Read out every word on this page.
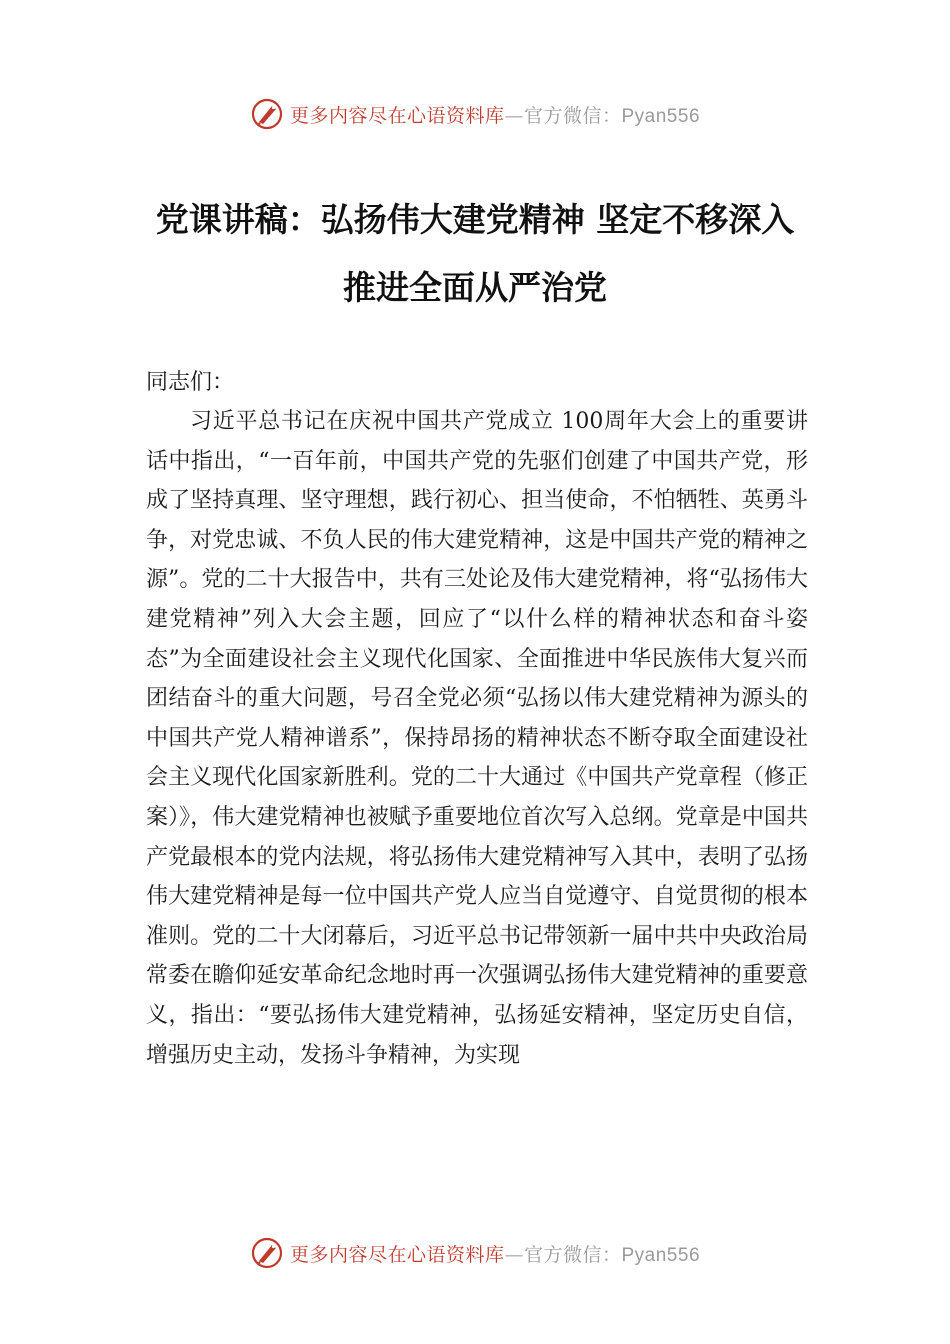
更多内容尽在心语资料库—官方微信：Pyan556
党课讲稿：弘扬伟大建党精神 坚定不移深入推进全面从严治党
同志们：

习近平总书记在庆祝中国共产党成立 100周年大会上的重要讲话中指出，“一百年前，中国共产党的先驱们创建了中国共产党，形成了坚持真理、坚守理想，践行初心、担当使命，不怕牺牲、英勇斗争，对党忠诚、不负人民的伟大建党精神，这是中国共产党的精神之源”。党的二十大报告中，共有三处论及伟大建党精神，将“弘扬伟大建党精神”列入大会主题，回应了“以什么样的精神状态和奋斗姿态”为全面建设社会主义现代化国家、全面推进中华民族伟大复兴而团结奋斗的重大问题，号召全党必须“弘扬以伟大建党精神为源头的中国共产党人精神谱系”，保持昂扬的精神状态不断夺取全面建设社会主义现代化国家新胜利。党的二十大通过《中国共产党章程（修正案）》，伟大建党精神也被赋予重要地位首次写入总纲。党章是中国共产党最根本的党内法规，将弘扬伟大建党精神写入其中，表明了弘扬伟大建党精神是每一位中国共产党人应当自觉遵守、自觉贯彻的根本准则。党的二十大闭幕后，习近平总书记带领新一届中共中央政治局常委在瞻仰延安革命纪念地时再一次强调弘扬伟大建党精神的重要意义，指出：“要弘扬伟大建党精神，弘扬延安精神，坚定历史自信，增强历史主动，发扬斗争精神，为实现

更多内容尽在心语资料库—官方微信：Pyan556
